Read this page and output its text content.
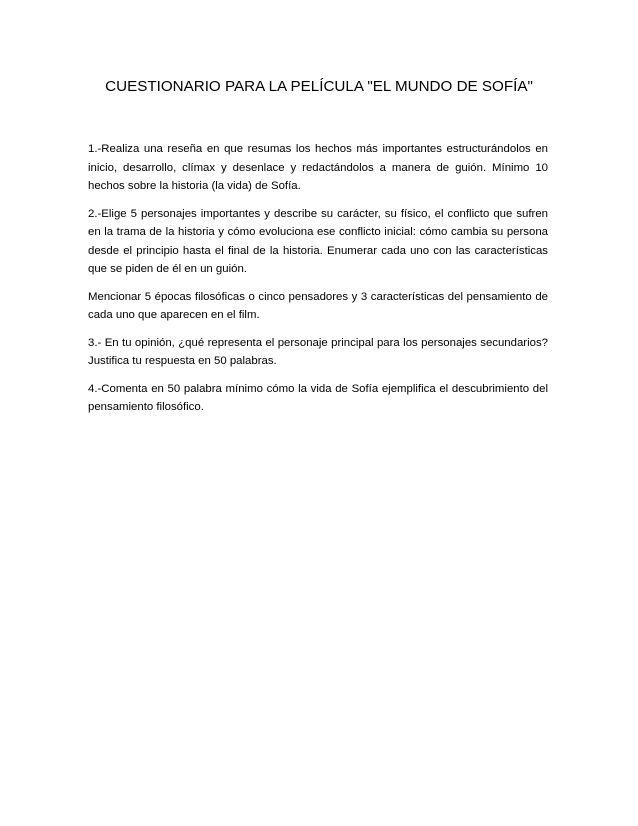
CUESTIONARIO PARA LA PELÍCULA "EL MUNDO DE SOFÍA"

1.-Realiza una reseña en que resumas los hechos más importantes estructurándolos en inicio, desarrollo, clímax y desenlace y redactándolos a manera de guión. Mínimo 10 hechos sobre la historia (la vida) de Sofía.

2.-Elige 5 personajes importantes y describe su carácter, su físico, el conflicto que sufren en la trama de la historia y cómo evoluciona ese conflicto inicial: cómo cambia su persona desde el principio hasta el final de la historia. Enumerar cada uno con las características que se piden de él en un guión.

Mencionar 5 épocas filosóficas o cinco pensadores y 3 características del pensamiento de cada uno que aparecen en el film.

3.- En tu opinión, ¿qué representa el personaje principal para los personajes secundarios? Justifica tu respuesta en 50 palabras.

4.-Comenta en 50 palabra mínimo cómo la vida de Sofía ejemplifica el descubrimiento del pensamiento filosófico.
